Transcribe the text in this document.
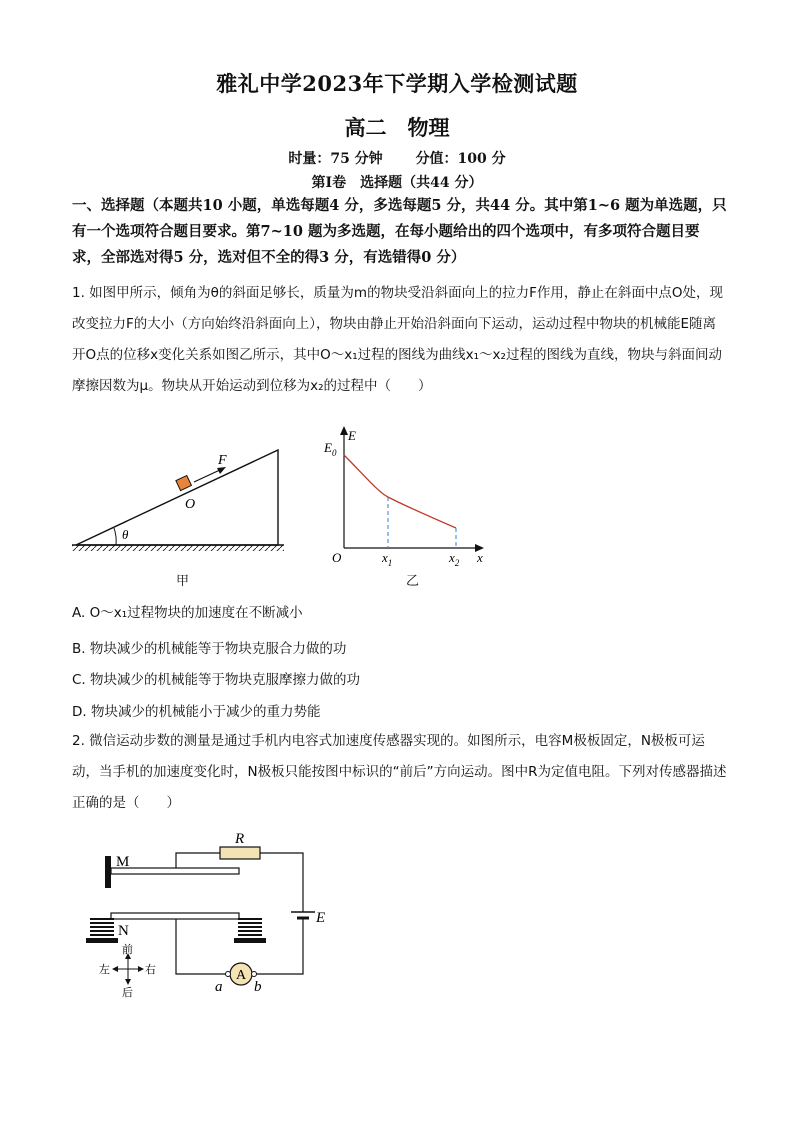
雅礼中学2023年下学期入学检测试题
高二　物理
时量：75 分钟 分值：100 分
第Ⅰ卷　选择题（共44 分）
一、选择题（本题共10 小题，单选每题4 分，多选每题5 分，共44 分。其中第1~6 题为单选题，只有一个选项符合题目要求。第7~10 题为多选题，在每小题给出的四个选项中，有多项符合题目要求，全部选对得5 分，选对但不全的得3 分，有选错得0 分）
1. 如图甲所示，倾角为θ的斜面足够长，质量为m的物块受沿斜面向上的拉力F作用，静止在斜面中点O处，现改变拉力F的大小（方向始终沿斜面向上），物块由静止开始沿斜面向下运动，运动过程中物块的机械能E随离开O点的位移x变化关系如图乙所示，其中O～x₁过程的图线为曲线x₁～x₂过程的图线为直线，物块与斜面间动摩擦因数为μ。物块从开始运动到位移为x₂的过程中（　　）
θ
F
O
甲
E
$E_0$
O	$x_1$	$x_2$ x
乙
A. O～x₁过程物块的加速度在不断减小
B. 物块减少的机械能等于物块克服合力做的功
C. 物块减少的机械能等于物块克服摩擦力做的功
D. 物块减少的机械能小于减少的重力势能
2. 微信运动步数的测量是通过手机内电容式加速度传感器实现的。如图所示，电容M极板固定，N极板可运动，当手机的加速度变化时，N极板只能按图中标识的“前后”方向运动。图中R为定值电阻。下列对传感器描述正确的是（　　）
M
R
E
A
a b
N
前
后
左	右
